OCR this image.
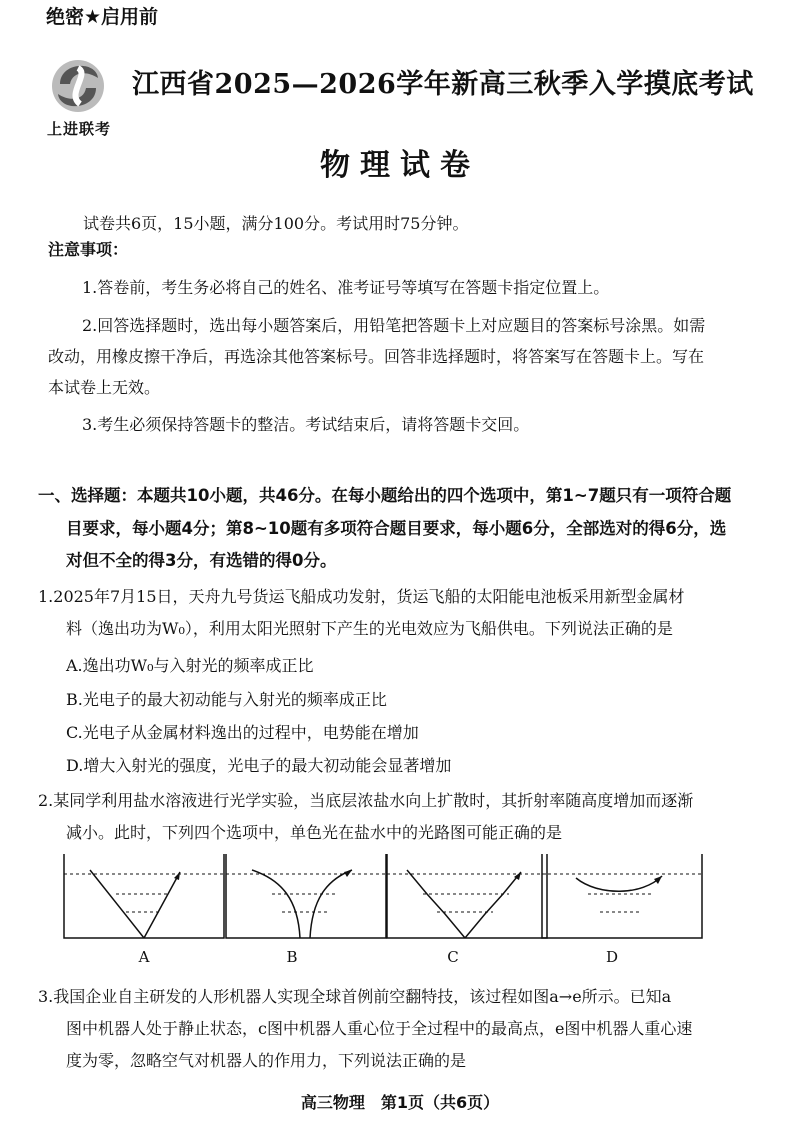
绝密★启用前
上进联考
江西省2025—2026学年新高三秋季入学摸底考试
物理试卷
试卷共6页，15小题，满分100分。考试用时75分钟。
注意事项：
1.答卷前，考生务必将自己的姓名、准考证号等填写在答题卡指定位置上。
2.回答选择题时，选出每小题答案后，用铅笔把答题卡上对应题目的答案标号涂黑。如需
改动，用橡皮擦干净后，再选涂其他答案标号。回答非选择题时，将答案写在答题卡上。写在
本试卷上无效。
3.考生必须保持答题卡的整洁。考试结束后，请将答题卡交回。
一、选择题：本题共10小题，共46分。在每小题给出的四个选项中，第1~7题只有一项符合题
目要求，每小题4分；第8~10题有多项符合题目要求，每小题6分，全部选对的得6分，选
对但不全的得3分，有选错的得0分。
1.2025年7月15日，天舟九号货运飞船成功发射，货运飞船的太阳能电池板采用新型金属材
料（逸出功为W₀），利用太阳光照射下产生的光电效应为飞船供电。下列说法正确的是
A.逸出功W₀与入射光的频率成正比
B.光电子的最大初动能与入射光的频率成正比
C.光电子从金属材料逸出的过程中，电势能在增加
D.增大入射光的强度，光电子的最大初动能会显著增加
2.某同学利用盐水溶液进行光学实验，当底层浓盐水向上扩散时，其折射率随高度增加而逐渐
减小。此时，下列四个选项中，单色光在盐水中的光路图可能正确的是
A	B	C	D
3.我国企业自主研发的人形机器人实现全球首例前空翻特技，该过程如图a→e所示。已知a
图中机器人处于静止状态，c图中机器人重心位于全过程中的最高点，e图中机器人重心速
度为零，忽略空气对机器人的作用力，下列说法正确的是
高三物理　第1页（共6页）
